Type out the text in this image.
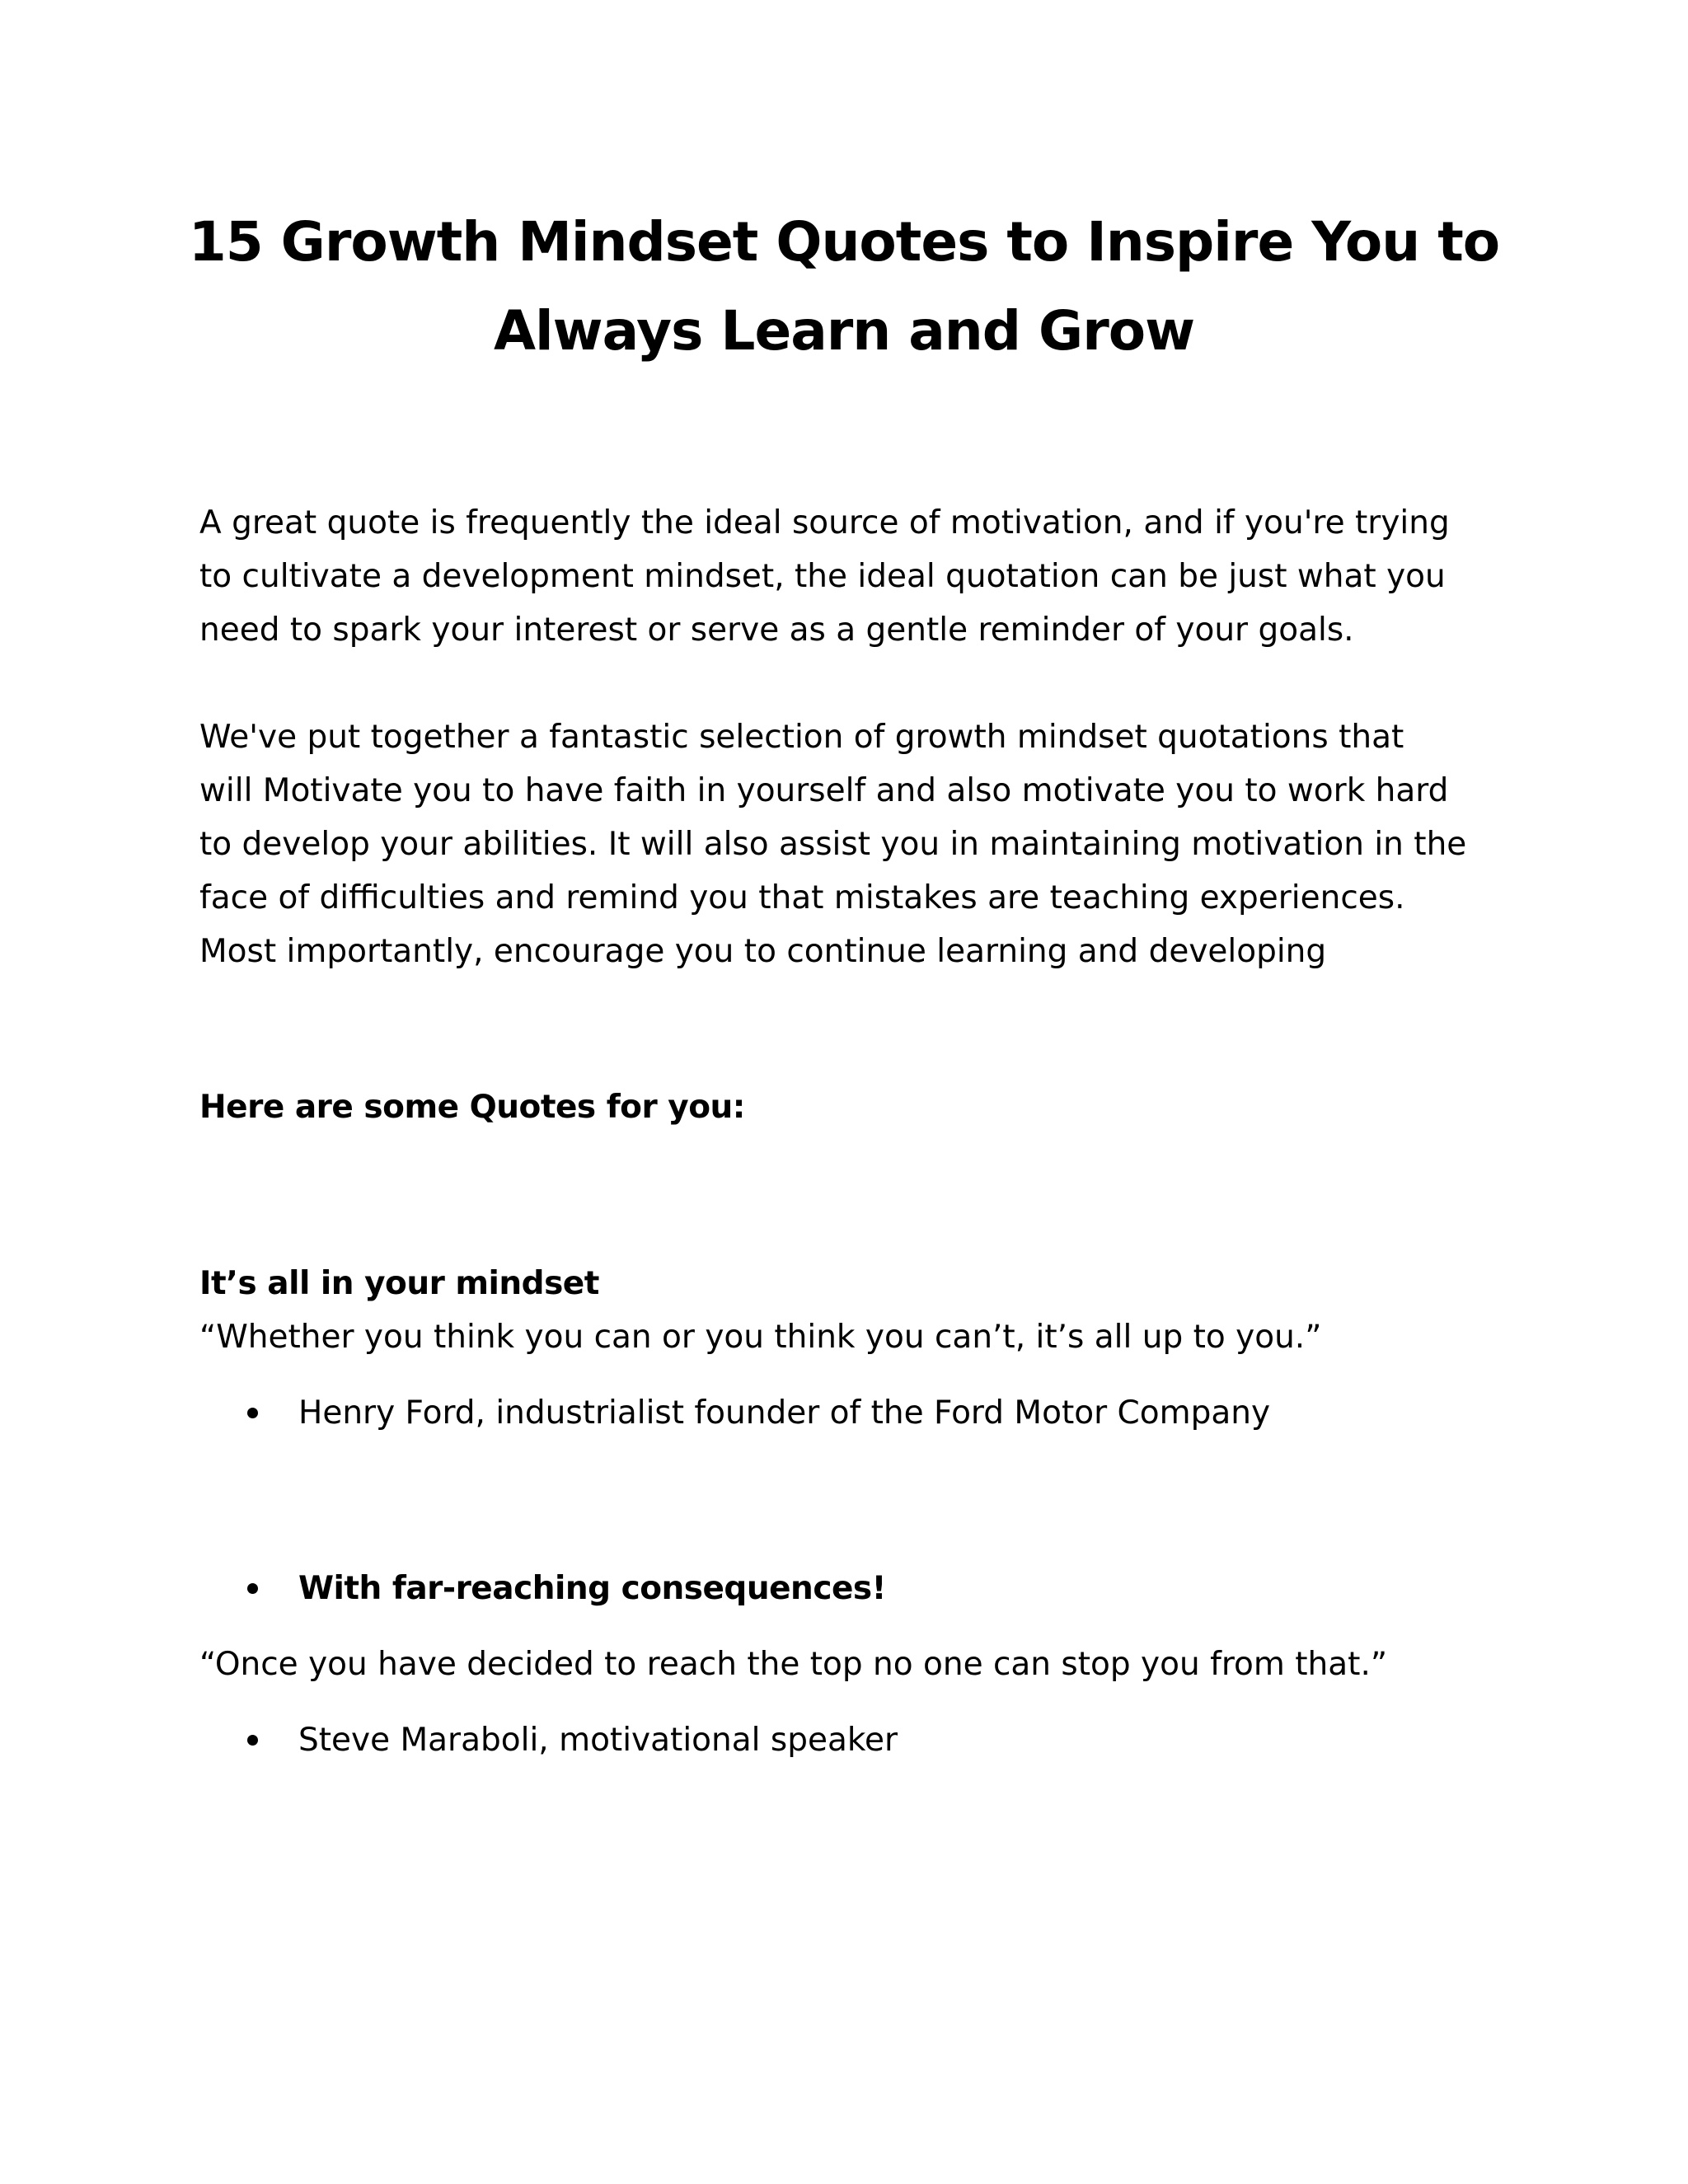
15 Growth Mindset Quotes to Inspire You to
Always Learn and Grow

A great quote is frequently the ideal source of motivation, and if you're trying
to cultivate a development mindset, the ideal quotation can be just what you
need to spark your interest or serve as a gentle reminder of your goals.

We've put together a fantastic selection of growth mindset quotations that
will Motivate you to have faith in yourself and also motivate you to work hard
to develop your abilities. It will also assist you in maintaining motivation in the
face of difficulties and remind you that mistakes are teaching experiences.
Most importantly, encourage you to continue learning and developing

Here are some Quotes for you:

It’s all in your mindset

“Whether you think you can or you think you can’t, it’s all up to you.”

Henry Ford, industrialist founder of the Ford Motor Company
With far-reaching consequences!

“Once you have decided to reach the top no one can stop you from that.”

Steve Maraboli, motivational speaker
